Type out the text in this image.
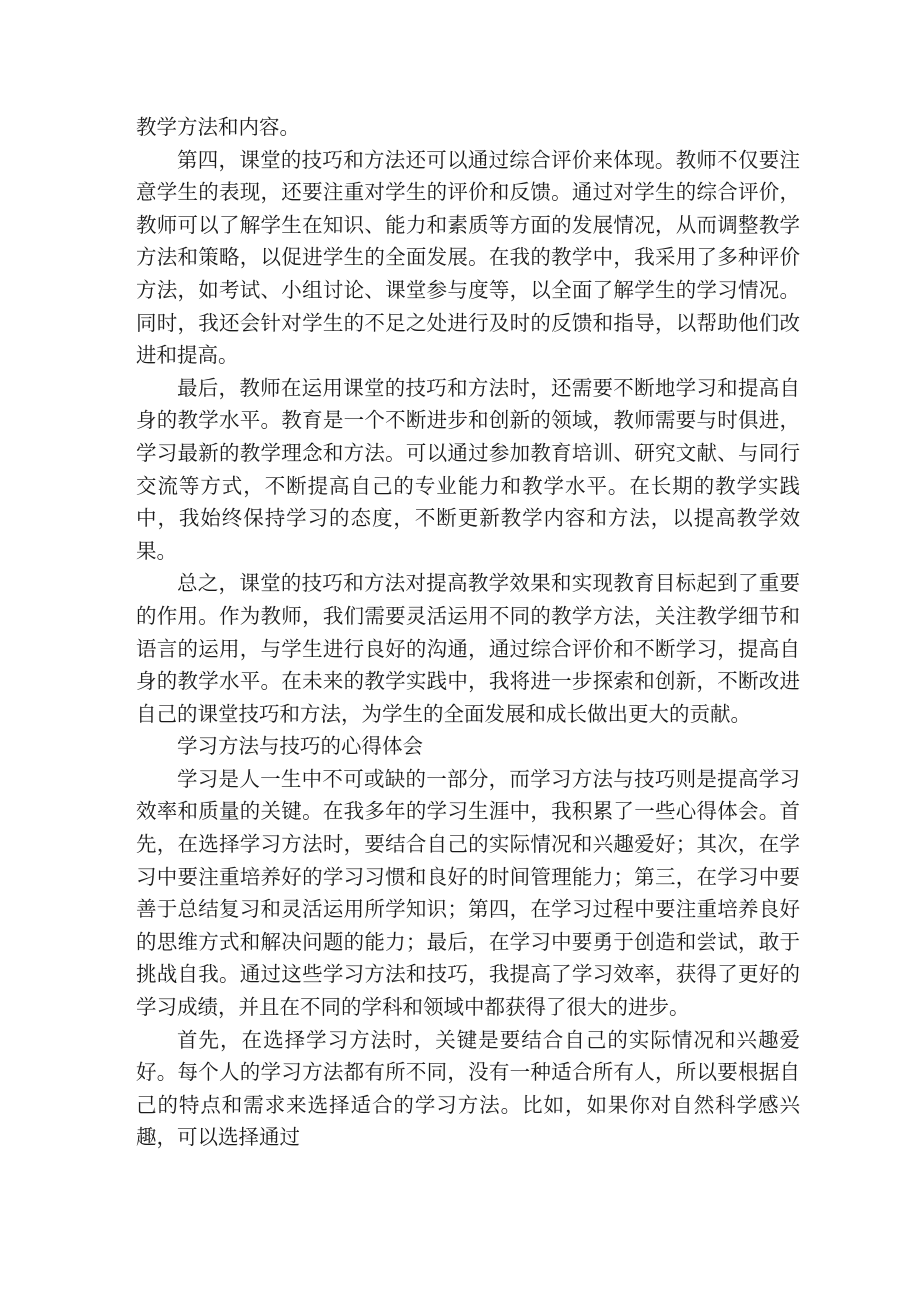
教学方法和内容。

第四，课堂的技巧和方法还可以通过综合评价来体现。教师不仅要注意学生的表现，还要注重对学生的评价和反馈。通过对学生的综合评价，教师可以了解学生在知识、能力和素质等方面的发展情况，从而调整教学方法和策略，以促进学生的全面发展。在我的教学中，我采用了多种评价方法，如考试、小组讨论、课堂参与度等，以全面了解学生的学习情况。同时，我还会针对学生的不足之处进行及时的反馈和指导，以帮助他们改进和提高。

最后，教师在运用课堂的技巧和方法时，还需要不断地学习和提高自身的教学水平。教育是一个不断进步和创新的领域，教师需要与时俱进，学习最新的教学理念和方法。可以通过参加教育培训、研究文献、与同行交流等方式，不断提高自己的专业能力和教学水平。在长期的教学实践中，我始终保持学习的态度，不断更新教学内容和方法，以提高教学效果。

总之，课堂的技巧和方法对提高教学效果和实现教育目标起到了重要的作用。作为教师，我们需要灵活运用不同的教学方法，关注教学细节和语言的运用，与学生进行良好的沟通，通过综合评价和不断学习，提高自身的教学水平。在未来的教学实践中，我将进一步探索和创新，不断改进自己的课堂技巧和方法，为学生的全面发展和成长做出更大的贡献。

学习方法与技巧的心得体会

学习是人一生中不可或缺的一部分，而学习方法与技巧则是提高学习效率和质量的关键。在我多年的学习生涯中，我积累了一些心得体会。首先，在选择学习方法时，要结合自己的实际情况和兴趣爱好；其次，在学习中要注重培养好的学习习惯和良好的时间管理能力；第三，在学习中要善于总结复习和灵活运用所学知识；第四，在学习过程中要注重培养良好的思维方式和解决问题的能力；最后，在学习中要勇于创造和尝试，敢于挑战自我。通过这些学习方法和技巧，我提高了学习效率，获得了更好的学习成绩，并且在不同的学科和领域中都获得了很大的进步。

首先，在选择学习方法时，关键是要结合自己的实际情况和兴趣爱好。每个人的学习方法都有所不同，没有一种适合所有人，所以要根据自己的特点和需求来选择适合的学习方法。比如，如果你对自然科学感兴趣，可以选择通过
